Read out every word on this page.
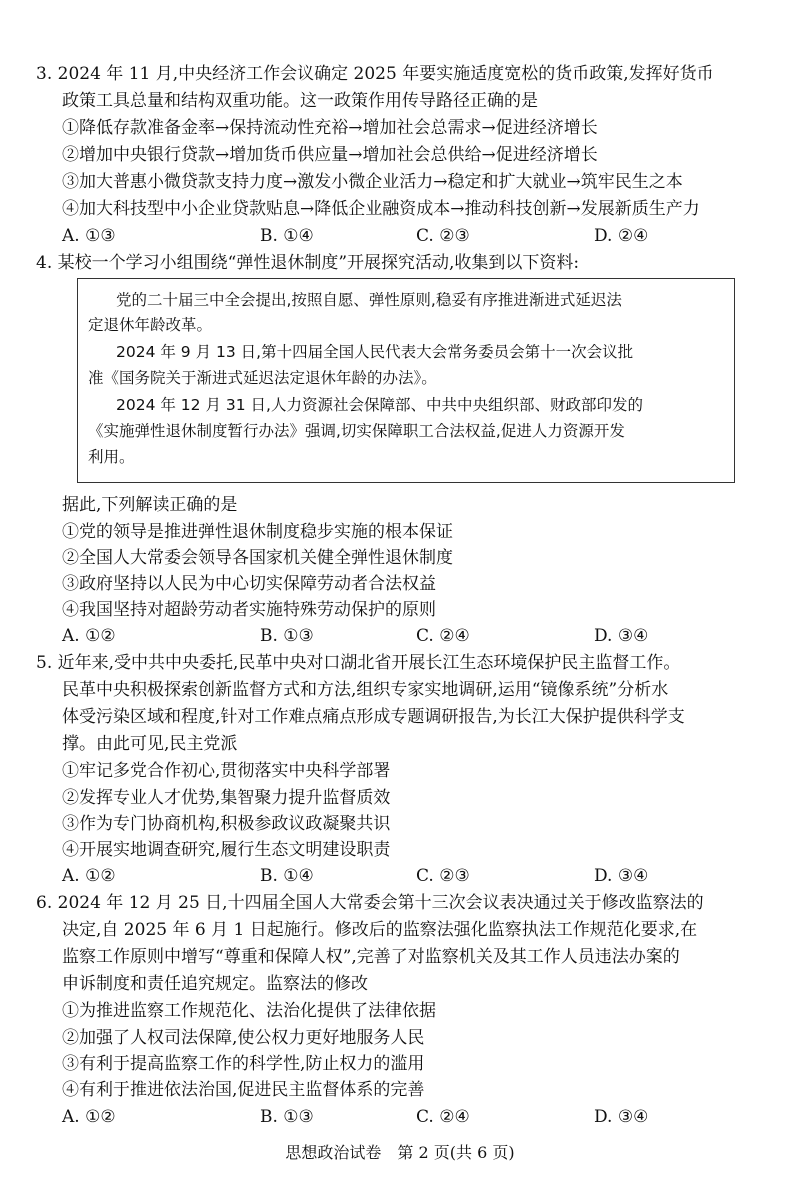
3. 2024 年 11 月,中央经济工作会议确定 2025 年要实施适度宽松的货币政策,发挥好货币
政策工具总量和结构双重功能。这一政策作用传导路径正确的是
①降低存款准备金率→保持流动性充裕→增加社会总需求→促进经济增长
②增加中央银行贷款→增加货币供应量→增加社会总供给→促进经济增长
③加大普惠小微贷款支持力度→激发小微企业活力→稳定和扩大就业→筑牢民生之本
④加大科技型中小企业贷款贴息→降低企业融资成本→推动科技创新→发展新质生产力
A. ①③	B. ①④	C. ②③	D. ②④
4. 某校一个学习小组围绕“弹性退休制度”开展探究活动,收集到以下资料:
党的二十届三中全会提出,按照自愿、弹性原则,稳妥有序推进渐进式延迟法
定退休年龄改革。
2024 年 9 月 13 日,第十四届全国人民代表大会常务委员会第十一次会议批
准《国务院关于渐进式延迟法定退休年龄的办法》。
2024 年 12 月 31 日,人力资源社会保障部、中共中央组织部、财政部印发的
《实施弹性退休制度暂行办法》强调,切实保障职工合法权益,促进人力资源开发
利用。
据此,下列解读正确的是
①党的领导是推进弹性退休制度稳步实施的根本保证
②全国人大常委会领导各国家机关健全弹性退休制度
③政府坚持以人民为中心切实保障劳动者合法权益
④我国坚持对超龄劳动者实施特殊劳动保护的原则
A. ①②	B. ①③	C. ②④	D. ③④
5. 近年来,受中共中央委托,民革中央对口湖北省开展长江生态环境保护民主监督工作。
民革中央积极探索创新监督方式和方法,组织专家实地调研,运用“镜像系统”分析水
体受污染区域和程度,针对工作难点痛点形成专题调研报告,为长江大保护提供科学支
撑。由此可见,民主党派
①牢记多党合作初心,贯彻落实中央科学部署
②发挥专业人才优势,集智聚力提升监督质效
③作为专门协商机构,积极参政议政凝聚共识
④开展实地调查研究,履行生态文明建设职责
A. ①②	B. ①④	C. ②③	D. ③④
6. 2024 年 12 月 25 日,十四届全国人大常委会第十三次会议表决通过关于修改监察法的
决定,自 2025 年 6 月 1 日起施行。修改后的监察法强化监察执法工作规范化要求,在
监察工作原则中增写“尊重和保障人权”,完善了对监察机关及其工作人员违法办案的
申诉制度和责任追究规定。监察法的修改
①为推进监察工作规范化、法治化提供了法律依据
②加强了人权司法保障,使公权力更好地服务人民
③有利于提高监察工作的科学性,防止权力的滥用
④有利于推进依法治国,促进民主监督体系的完善
A. ①②	B. ①③	C. ②④	D. ③④
思想政治试卷　第 2 页(共 6 页)
